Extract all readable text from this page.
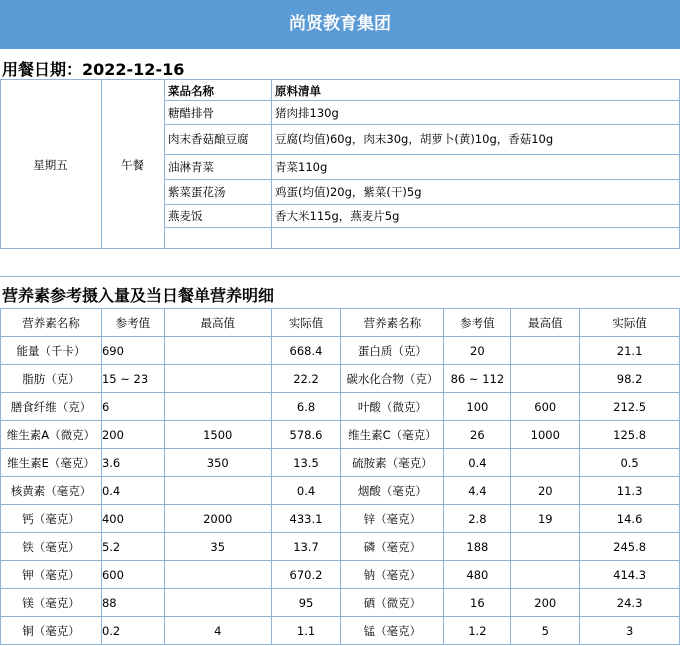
尚贤教育集团
用餐日期：2022-12-16
星期五	午餐
菜品名称	原料清单
糖醋排骨	猪肉排130g
肉末香菇酿豆腐 豆腐(均值)60g，肉末30g，胡萝卜(黄)10g，香菇10g
油淋青菜	青菜110g
紫菜蛋花汤	鸡蛋(均值)20g，紫菜(干)5g
燕麦饭	香大米115g，燕麦片5g
营养素参考摄入量及当日餐单营养明细
营养素名称	参考值	最高值	实际值	营养素名称	参考值	最高值	实际值
能量（千卡）	690		668.4	蛋白质（克）	20		21.1
脂肪（克）	15 ~ 23		22.2	碳水化合物（克）	86 ~ 112		98.2
膳食纤维（克）	6		6.8	叶酸（微克）	100	600	212.5
维生素A（微克）	200	1500	578.6	维生素C（毫克）	26	1000	125.8
维生素E（毫克）	3.6	350	13.5	硫胺素（毫克）	0.4		0.5
核黄素（毫克）	0.4		0.4	烟酸（毫克）	4.4	20	11.3
钙（毫克）	400	2000	433.1	锌（毫克）	2.8	19	14.6
铁（毫克）	5.2	35	13.7	磷（毫克）	188		245.8
钾（毫克）	600		670.2	钠（毫克）	480		414.3
镁（毫克）	88		95	硒（微克）	16	200	24.3
铜（毫克）	0.2	4	1.1	锰（毫克）	1.2	5	3
